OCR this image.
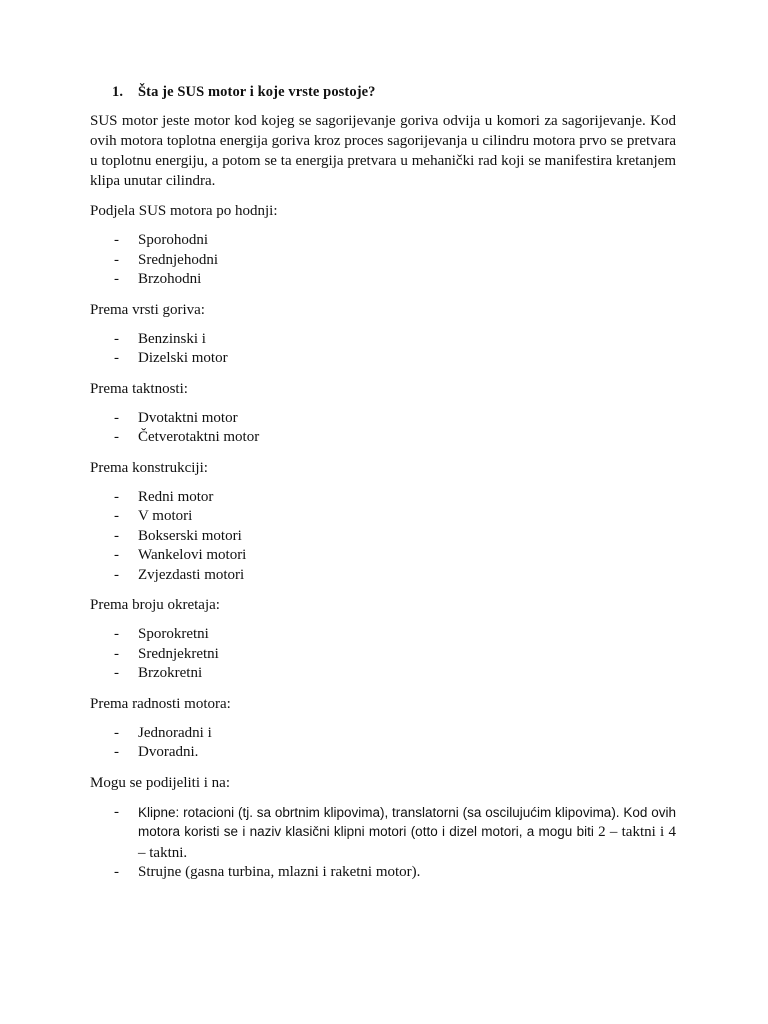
1.	Šta je SUS motor i koje vrste postoje?

SUS motor jeste motor kod kojeg se sagorijevanje goriva odvija u komori za sagorijevanje. Kod ovih motora toplotna energija goriva kroz proces sagorijevanja u cilindru motora prvo se pretvara u toplotnu energiju, a potom se ta energija pretvara u mehanički rad koji se manifestira kretanjem klipa unutar cilindra.

Podjela SUS motora po hodnji:

-	Sporohodni
-	Srednjehodni
-	Brzohodni

Prema vrsti goriva:

-	Benzinski i
-	Dizelski motor

Prema taktnosti:

-	Dvotaktni motor
-	Četverotaktni motor

Prema konstrukciji:

-	Redni motor
-	V motori
-	Bokserski motori
-	Wankelovi motori
-	Zvjezdasti motori

Prema broju okretaja:

-	Sporokretni
-	Srednjekretni
-	Brzokretni

Prema radnosti motora:

-	Jednoradni i
-	Dvoradni.

Mogu se podijeliti i na:

-	Klipne: rotacioni (tj. sa obrtnim klipovima), translatorni (sa oscilujućim klipovima). Kod ovih motora koristi se i naziv klasični klipni motori (otto i dizel motori, a mogu biti 2 – taktni i 4 – taktni.
-	Strujne (gasna turbina, mlazni i raketni motor).
